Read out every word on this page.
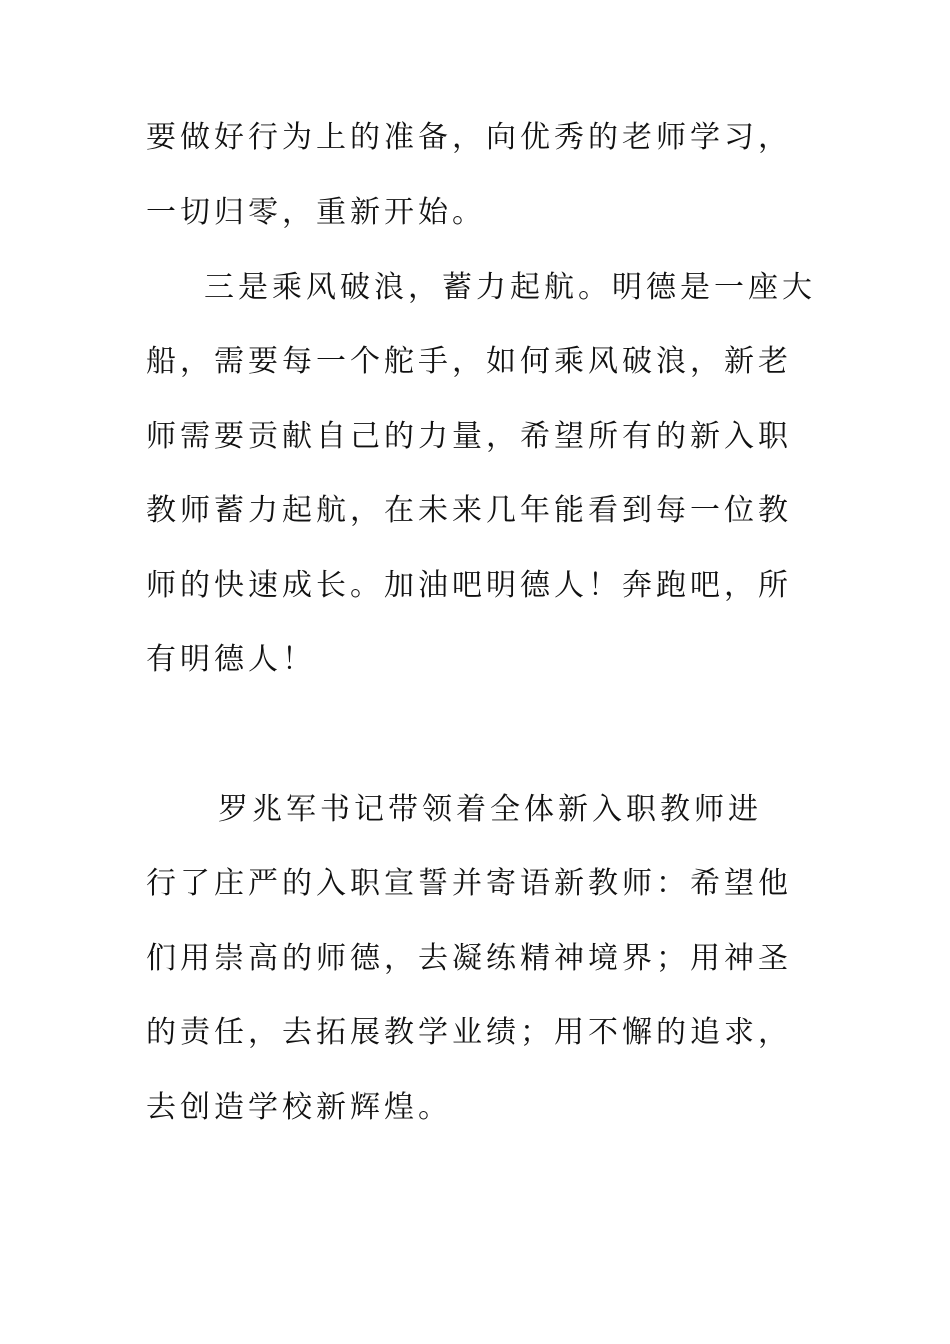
要做好行为上的准备，向优秀的老师学习，
一切归零，重新开始。
三是乘风破浪，蓄力起航。明德是一座大
船，需要每一个舵手，如何乘风破浪，新老
师需要贡献自己的力量，希望所有的新入职
教师蓄力起航，在未来几年能看到每一位教
师的快速成长。加油吧明德人！奔跑吧，所
有明德人！
罗兆军书记带领着全体新入职教师进
行了庄严的入职宣誓并寄语新教师：希望他
们用崇高的师德，去凝练精神境界；用神圣
的责任，去拓展教学业绩；用不懈的追求，
去创造学校新辉煌。
